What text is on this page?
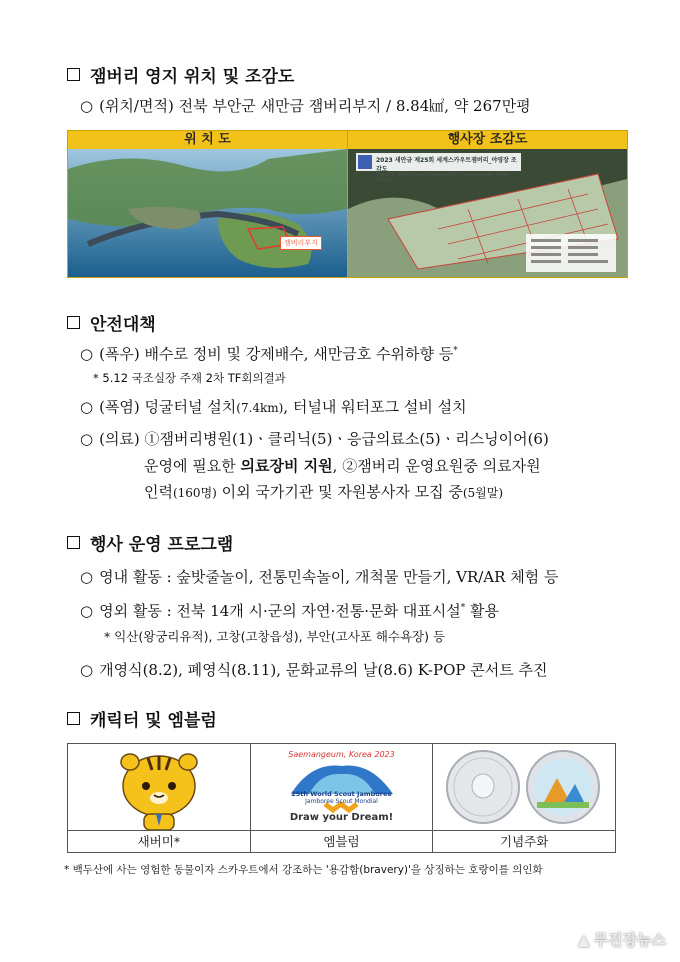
잼버리 영지 위치 및 조감도
○ (위치/면적) 전북 부안군 새만금 잼버리부지 / 8.84㎢, 약 267만평
위 치 도
잼버리부지
행사장 조감도
2023 새만금 제25회 세계스카우트잼버리_야영장 조감도
The 25th World Scout Jamboree Site ( Saemangeum, Korea 2023 )
안전대책
○ (폭우) 배수로 정비 및 강제배수, 새만금호 수위하향 등*
* 5.12 국조실장 주재 2차 TF회의결과
○ (폭염) 덩굴터널 설치(7.4km), 터널내 워터포그 설비 설치
○ (의료) ①잼버리병원(1)ㆍ클리닉(5)ㆍ응급의료소(5)ㆍ리스닝이어(6)
운영에 필요한 의료장비 지원, ②잼버리 운영요원중 의료자원
인력(160명) 이외 국가기관 및 자원봉사자 모집 중(5월말)
행사 운영 프로그램
○ 영내 활동 : 숲밧줄놀이, 전통민속놀이, 개척물 만들기, VR/AR 체험 등
○ 영외 활동 : 전북 14개 시·군의 자연·전통·문화 대표시설* 활용
* 익산(왕궁리유적), 고창(고창읍성), 부안(고사포 해수욕장) 등
○ 개영식(8.2), 폐영식(8.11), 문화교류의 날(8.6) K-POP 콘서트 추진
캐릭터 및 엠블럼
Saemangeum, Korea 2023
25th World Scout Jamboree
Jamboree Scout Mondial
Draw your Dream!
새버미*	엠블럼	기념주화
* 백두산에 사는 영험한 동물이자 스카우트에서 강조하는 '용감함(bravery)'을 상징하는 호랑이를 의인화
▲ 무진장뉴스
